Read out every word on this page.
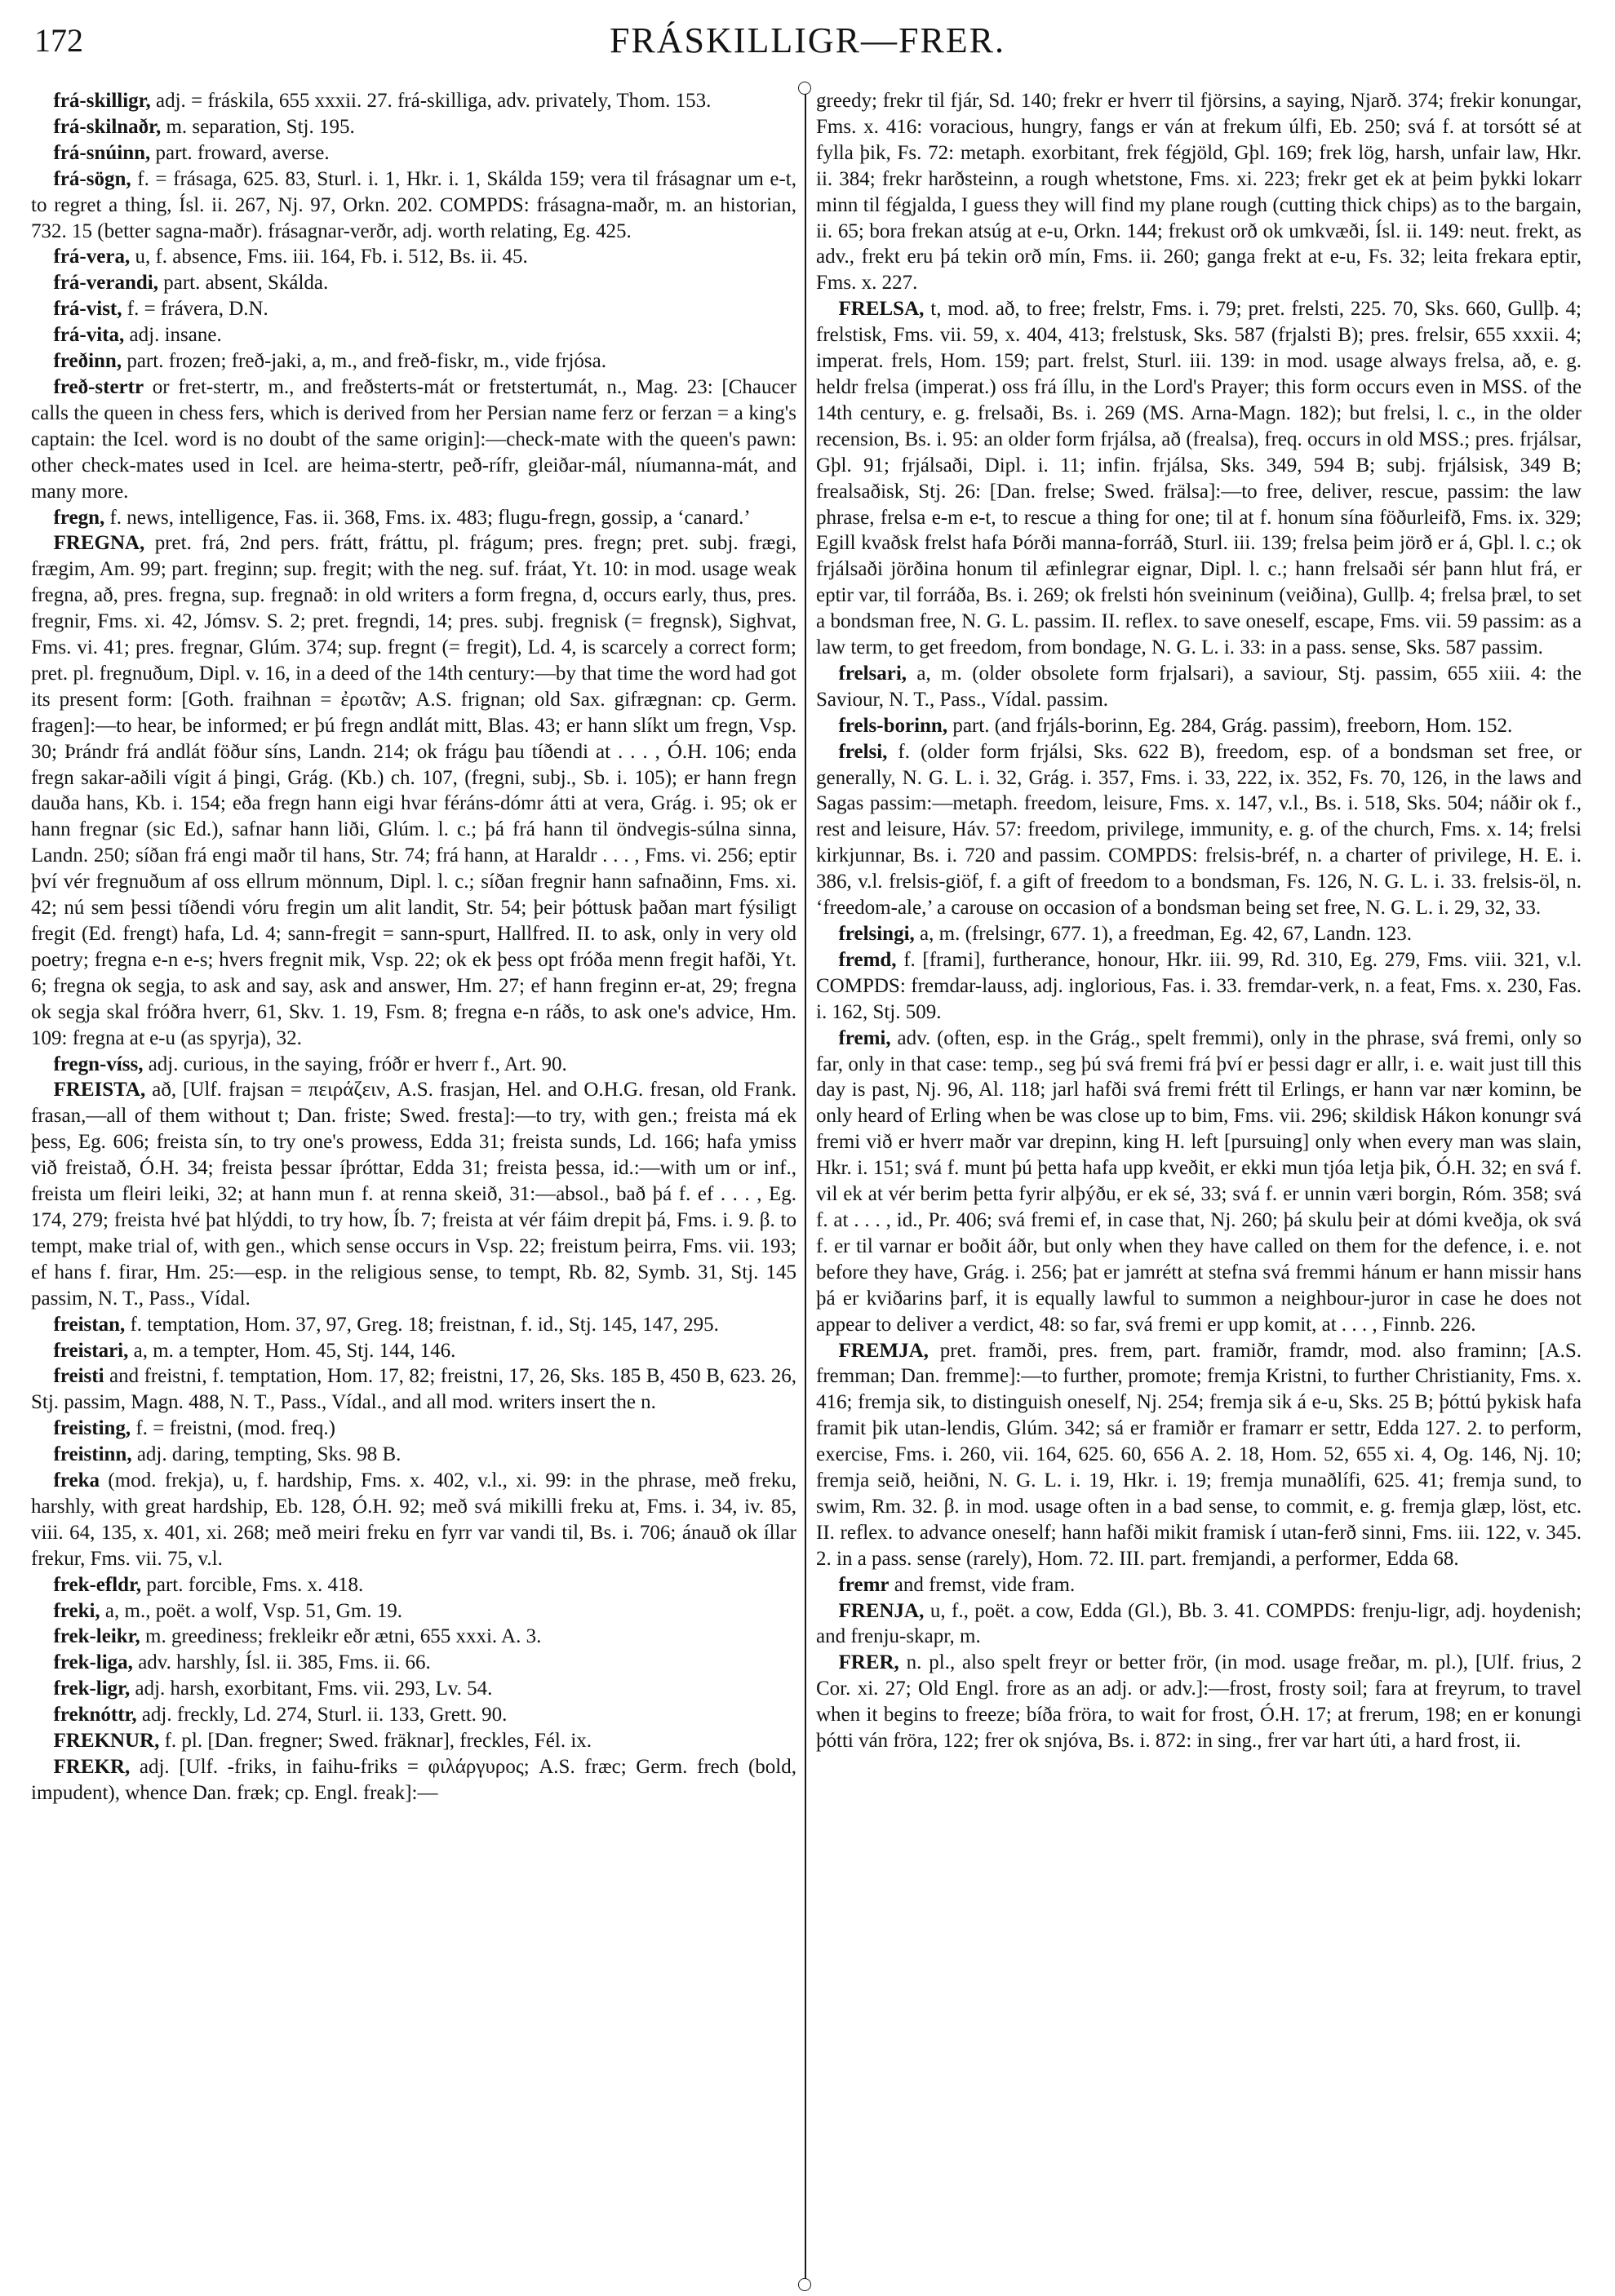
172	FRÁSKILLIGR—FRER.

frá-skilligr, adj. = fráskila, 655 xxxii. 27. frá-skilliga, adv. privately, Thom. 153.

frá-skilnaðr, m. separation, Stj. 195.

frá-snúinn, part. froward, averse.

frá-sögn, f. = frásaga, 625. 83, Sturl. i. 1, Hkr. i. 1, Skálda 159; vera til frásagnar um e-t, to regret a thing, Ísl. ii. 267, Nj. 97, Orkn. 202. COMPDS: frásagna-maðr, m. an historian, 732. 15 (better sagna-maðr). frásagnar-verðr, adj. worth relating, Eg. 425.

frá-vera, u, f. absence, Fms. iii. 164, Fb. i. 512, Bs. ii. 45.

frá-verandi, part. absent, Skálda.

frá-vist, f. = frávera, D.N.

frá-vita, adj. insane.

freðinn, part. frozen; freð-jaki, a, m., and freð-fiskr, m., vide frjósa.

freð-stertr or fret-stertr, m., and freðsterts-mát or fretstertumát, n., Mag. 23: [Chaucer calls the queen in chess fers, which is derived from her Persian name ferz or ferzan = a king's captain: the Icel. word is no doubt of the same origin]:—check-mate with the queen's pawn: other check-mates used in Icel. are heima-stertr, peð-rífr, gleiðar-mál, níumanna-mát, and many more.

fregn, f. news, intelligence, Fas. ii. 368, Fms. ix. 483; flugu-fregn, gossip, a ‘canard.’

FREGNA, pret. frá, 2nd pers. frátt, fráttu, pl. frágum; pres. fregn; pret. subj. frægi, frægim, Am. 99; part. freginn; sup. fregit; with the neg. suf. fráat, Yt. 10: in mod. usage weak fregna, að, pres. fregna, sup. fregnað: in old writers a form fregna, d, occurs early, thus, pres. fregnir, Fms. xi. 42, Jómsv. S. 2; pret. fregndi, 14; pres. subj. fregnisk (= fregnsk), Sighvat, Fms. vi. 41; pres. fregnar, Glúm. 374; sup. fregnt (= fregit), Ld. 4, is scarcely a correct form; pret. pl. fregnuðum, Dipl. v. 16, in a deed of the 14th century:—by that time the word had got its present form: [Goth. fraihnan = ἐρωτᾶν; A.S. frignan; old Sax. gifrægnan: cp. Germ. fragen]:—to hear, be informed; er þú fregn andlát mitt, Blas. 43; er hann slíkt um fregn, Vsp. 30; Þrándr frá andlát föður síns, Landn. 214; ok frágu þau tíðendi at . . . , Ó.H. 106; enda fregn sakar-aðili vígit á þingi, Grág. (Kb.) ch. 107, (fregni, subj., Sb. i. 105); er hann fregn dauða hans, Kb. i. 154; eða fregn hann eigi hvar féráns-dómr átti at vera, Grág. i. 95; ok er hann fregnar (sic Ed.), safnar hann liði, Glúm. l. c.; þá frá hann til öndvegis-súlna sinna, Landn. 250; síðan frá engi maðr til hans, Str. 74; frá hann, at Haraldr . . . , Fms. vi. 256; eptir því vér fregnuðum af oss ellrum mönnum, Dipl. l. c.; síðan fregnir hann safnaðinn, Fms. xi. 42; nú sem þessi tíðendi vóru fregin um alit landit, Str. 54; þeir þóttusk þaðan mart fýsiligt fregit (Ed. frengt) hafa, Ld. 4; sann-fregit = sann-spurt, Hallfred. II. to ask, only in very old poetry; fregna e-n e-s; hvers fregnit mik, Vsp. 22; ok ek þess opt fróða menn fregit hafði, Yt. 6; fregna ok segja, to ask and say, ask and answer, Hm. 27; ef hann freginn er-at, 29; fregna ok segja skal fróðra hverr, 61, Skv. 1. 19, Fsm. 8; fregna e-n ráðs, to ask one's advice, Hm. 109: fregna at e-u (as spyrja), 32.

fregn-víss, adj. curious, in the saying, fróðr er hverr f., Art. 90.

FREISTA, að, [Ulf. frajsan = πειράζειν, A.S. frasjan, Hel. and O.H.G. fresan, old Frank. frasan,—all of them without t; Dan. friste; Swed. fresta]:—to try, with gen.; freista má ek þess, Eg. 606; freista sín, to try one's prowess, Edda 31; freista sunds, Ld. 166; hafa ymiss við freistað, Ó.H. 34; freista þessar íþróttar, Edda 31; freista þessa, id.:—with um or inf., freista um fleiri leiki, 32; at hann mun f. at renna skeið, 31:—absol., bað þá f. ef . . . , Eg. 174, 279; freista hvé þat hlýddi, to try how, Íb. 7; freista at vér fáim drepit þá, Fms. i. 9. β. to tempt, make trial of, with gen., which sense occurs in Vsp. 22; freistum þeirra, Fms. vii. 193; ef hans f. firar, Hm. 25:—esp. in the religious sense, to tempt, Rb. 82, Symb. 31, Stj. 145 passim, N. T., Pass., Vídal.

freistan, f. temptation, Hom. 37, 97, Greg. 18; freistnan, f. id., Stj. 145, 147, 295.

freistari, a, m. a tempter, Hom. 45, Stj. 144, 146.

freisti and freistni, f. temptation, Hom. 17, 82; freistni, 17, 26, Sks. 185 B, 450 B, 623. 26, Stj. passim, Magn. 488, N. T., Pass., Vídal., and all mod. writers insert the n.

freisting, f. = freistni, (mod. freq.)

freistinn, adj. daring, tempting, Sks. 98 B.

freka (mod. frekja), u, f. hardship, Fms. x. 402, v.l., xi. 99: in the phrase, með freku, harshly, with great hardship, Eb. 128, Ó.H. 92; með svá mikilli freku at, Fms. i. 34, iv. 85, viii. 64, 135, x. 401, xi. 268; með meiri freku en fyrr var vandi til, Bs. i. 706; ánauð ok íllar frekur, Fms. vii. 75, v.l.

frek-efldr, part. forcible, Fms. x. 418.

freki, a, m., poët. a wolf, Vsp. 51, Gm. 19.

frek-leikr, m. greediness; frekleikr eðr ætni, 655 xxxi. A. 3.

frek-liga, adv. harshly, Ísl. ii. 385, Fms. ii. 66.

frek-ligr, adj. harsh, exorbitant, Fms. vii. 293, Lv. 54.

freknóttr, adj. freckly, Ld. 274, Sturl. ii. 133, Grett. 90.

FREKNUR, f. pl. [Dan. fregner; Swed. fräknar], freckles, Fél. ix.

FREKR, adj. [Ulf. -friks, in faihu-friks = φιλάργυρος; A.S. fræc; Germ. frech (bold, impudent), whence Dan. fræk; cp. Engl. freak]:—

greedy; frekr til fjár, Sd. 140; frekr er hverr til fjörsins, a saying, Njarð. 374; frekir konungar, Fms. x. 416: voracious, hungry, fangs er ván at frekum úlfi, Eb. 250; svá f. at torsótt sé at fylla þik, Fs. 72: metaph. exorbitant, frek fégjöld, Gþl. 169; frek lög, harsh, unfair law, Hkr. ii. 384; frekr harðsteinn, a rough whetstone, Fms. xi. 223; frekr get ek at þeim þykki lokarr minn til fégjalda, I guess they will find my plane rough (cutting thick chips) as to the bargain, ii. 65; bora frekan atsúg at e-u, Orkn. 144; frekust orð ok umkvæði, Ísl. ii. 149: neut. frekt, as adv., frekt eru þá tekin orð mín, Fms. ii. 260; ganga frekt at e-u, Fs. 32; leita frekara eptir, Fms. x. 227.

FRELSA, t, mod. að, to free; frelstr, Fms. i. 79; pret. frelsti, 225. 70, Sks. 660, Gullþ. 4; frelstisk, Fms. vii. 59, x. 404, 413; frelstusk, Sks. 587 (frjalsti B); pres. frelsir, 655 xxxii. 4; imperat. frels, Hom. 159; part. frelst, Sturl. iii. 139: in mod. usage always frelsa, að, e. g. heldr frelsa (imperat.) oss frá íllu, in the Lord's Prayer; this form occurs even in MSS. of the 14th century, e. g. frelsaði, Bs. i. 269 (MS. Arna-Magn. 182); but frelsi, l. c., in the older recension, Bs. i. 95: an older form frjálsa, að (frealsa), freq. occurs in old MSS.; pres. frjálsar, Gþl. 91; frjálsaði, Dipl. i. 11; infin. frjálsa, Sks. 349, 594 B; subj. frjálsisk, 349 B; frealsaðisk, Stj. 26: [Dan. frelse; Swed. frälsa]:—to free, deliver, rescue, passim: the law phrase, frelsa e-m e-t, to rescue a thing for one; til at f. honum sína föðurleifð, Fms. ix. 329; Egill kvaðsk frelst hafa Þórði manna-forráð, Sturl. iii. 139; frelsa þeim jörð er á, Gþl. l. c.; ok frjálsaði jörðina honum til æfinlegrar eignar, Dipl. l. c.; hann frelsaði sér þann hlut frá, er eptir var, til forráða, Bs. i. 269; ok frelsti hón sveininum (veiðina), Gullþ. 4; frelsa þræl, to set a bondsman free, N. G. L. passim. II. reflex. to save oneself, escape, Fms. vii. 59 passim: as a law term, to get freedom, from bondage, N. G. L. i. 33: in a pass. sense, Sks. 587 passim.

frelsari, a, m. (older obsolete form frjalsari), a saviour, Stj. passim, 655 xiii. 4: the Saviour, N. T., Pass., Vídal. passim.

frels-borinn, part. (and frjáls-borinn, Eg. 284, Grág. passim), freeborn, Hom. 152.

frelsi, f. (older form frjálsi, Sks. 622 B), freedom, esp. of a bondsman set free, or generally, N. G. L. i. 32, Grág. i. 357, Fms. i. 33, 222, ix. 352, Fs. 70, 126, in the laws and Sagas passim:—metaph. freedom, leisure, Fms. x. 147, v.l., Bs. i. 518, Sks. 504; náðir ok f., rest and leisure, Háv. 57: freedom, privilege, immunity, e. g. of the church, Fms. x. 14; frelsi kirkjunnar, Bs. i. 720 and passim. COMPDS: frelsis-bréf, n. a charter of privilege, H. E. i. 386, v.l. frelsis-giöf, f. a gift of freedom to a bondsman, Fs. 126, N. G. L. i. 33. frelsis-öl, n. ‘freedom-ale,’ a carouse on occasion of a bondsman being set free, N. G. L. i. 29, 32, 33.

frelsingi, a, m. (frelsingr, 677. 1), a freedman, Eg. 42, 67, Landn. 123.

fremd, f. [frami], furtherance, honour, Hkr. iii. 99, Rd. 310, Eg. 279, Fms. viii. 321, v.l. COMPDS: fremdar-lauss, adj. inglorious, Fas. i. 33. fremdar-verk, n. a feat, Fms. x. 230, Fas. i. 162, Stj. 509.

fremi, adv. (often, esp. in the Grág., spelt fremmi), only in the phrase, svá fremi, only so far, only in that case: temp., seg þú svá fremi frá því er þessi dagr er allr, i. e. wait just till this day is past, Nj. 96, Al. 118; jarl hafði svá fremi frétt til Erlings, er hann var nær kominn, be only heard of Erling when be was close up to bim, Fms. vii. 296; skildisk Hákon konungr svá fremi við er hverr maðr var drepinn, king H. left [pursuing] only when every man was slain, Hkr. i. 151; svá f. munt þú þetta hafa upp kveðit, er ekki mun tjóa letja þik, Ó.H. 32; en svá f. vil ek at vér berim þetta fyrir alþýðu, er ek sé, 33; svá f. er unnin væri borgin, Róm. 358; svá f. at . . . , id., Pr. 406; svá fremi ef, in case that, Nj. 260; þá skulu þeir at dómi kveðja, ok svá f. er til varnar er boðit áðr, but only when they have called on them for the defence, i. e. not before they have, Grág. i. 256; þat er jamrétt at stefna svá fremmi hánum er hann missir hans þá er kviðarins þarf, it is equally lawful to summon a neighbour-juror in case he does not appear to deliver a verdict, 48: so far, svá fremi er upp komit, at . . . , Finnb. 226.

FREMJA, pret. framði, pres. frem, part. framiðr, framdr, mod. also framinn; [A.S. fremman; Dan. fremme]:—to further, promote; fremja Kristni, to further Christianity, Fms. x. 416; fremja sik, to distinguish oneself, Nj. 254; fremja sik á e-u, Sks. 25 B; þóttú þykisk hafa framit þik utan-lendis, Glúm. 342; sá er framiðr er framarr er settr, Edda 127. 2. to perform, exercise, Fms. i. 260, vii. 164, 625. 60, 656 A. 2. 18, Hom. 52, 655 xi. 4, Og. 146, Nj. 10; fremja seið, heiðni, N. G. L. i. 19, Hkr. i. 19; fremja munaðlífi, 625. 41; fremja sund, to swim, Rm. 32. β. in mod. usage often in a bad sense, to commit, e. g. fremja glæp, löst, etc. II. reflex. to advance oneself; hann hafði mikit framisk í utan-ferð sinni, Fms. iii. 122, v. 345. 2. in a pass. sense (rarely), Hom. 72. III. part. fremjandi, a performer, Edda 68.

fremr and fremst, vide fram.

FRENJA, u, f., poët. a cow, Edda (Gl.), Bb. 3. 41. COMPDS: frenju-ligr, adj. hoydenish; and frenju-skapr, m.

FRER, n. pl., also spelt freyr or better frör, (in mod. usage freðar, m. pl.), [Ulf. frius, 2 Cor. xi. 27; Old Engl. frore as an adj. or adv.]:—frost, frosty soil; fara at freyrum, to travel when it begins to freeze; bíða fröra, to wait for frost, Ó.H. 17; at frerum, 198; en er konungi þótti ván fröra, 122; frer ok snjóva, Bs. i. 872: in sing., frer var hart úti, a hard frost, ii.
